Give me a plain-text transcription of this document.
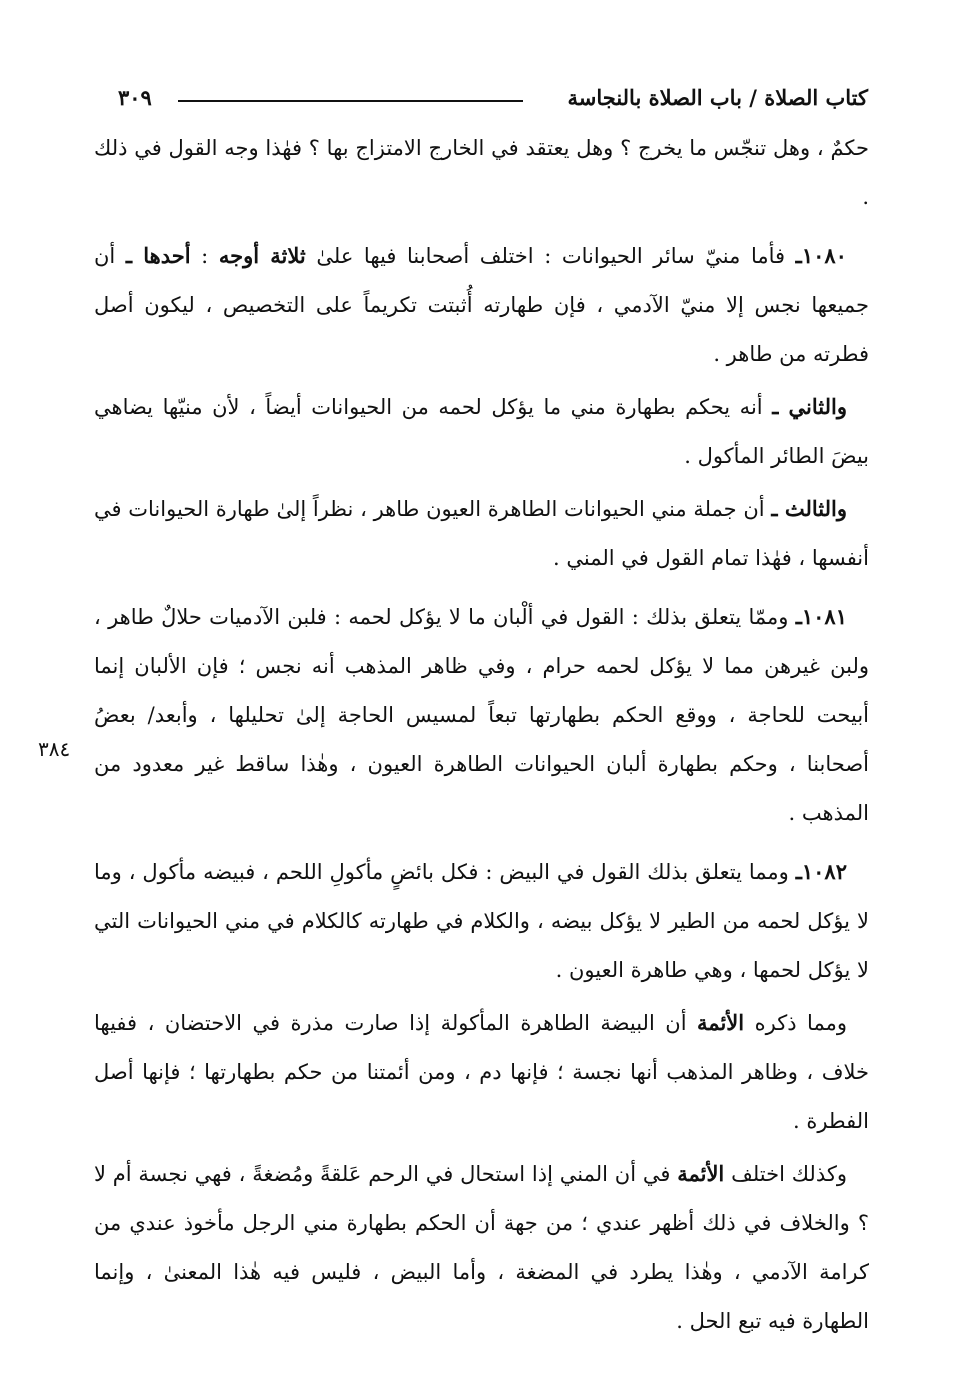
كتاب الصلاة / باب الصلاة بالنجاسة
٣٠٩

حكمٌ ، وهل تنجّس ما يخرج ؟ وهل يعتقد في الخارج الامتزاج بها ؟ فهٰذا وجه القول في ذلك .

١٠٨٠ـ فأما منيّ سائر الحيوانات : اختلف أصحابنا فيها علىٰ ثلاثة أوجه : أحدها ـ أن جميعها نجس إلا منيّ الآدمي ، فإن طهارته أُثبتت تكريماً على التخصيص ، ليكون أصل فطرته من طاهر .

والثاني ـ أنه يحكم بطهارة مني ما يؤكل لحمه من الحيوانات أيضاً ، لأن منيّها يضاهي بيضَ الطائر المأكول .

والثالث ـ أن جملة مني الحيوانات الطاهرة العيون طاهر ، نظراً إلىٰ طهارة الحيوانات في أنفسها ، فهٰذا تمام القول في المني .

١٠٨١ـ وممّا يتعلق بذلك : القول في ألْبان ما لا يؤكل لحمه : فلبن الآدميات حلالٌ طاهر ، ولبن غيرهن مما لا يؤكل لحمه حرام ، وفي ظاهر المذهب أنه نجس ؛ فإن الألبان إنما أبيحت للحاجة ، ووقع الحكم بطهارتها تبعاً لمسيس الحاجة إلىٰ تحليلها ، وأبعد/ بعضُ أصحابنا ، وحكم بطهارة ألبان الحيوانات الطاهرة العيون ، وهٰذا ساقط غير معدود من المذهب .

١٠٨٢ـ ومما يتعلق بذلك القول في البيض : فكل بائضٍ مأكولِ اللحم ، فبيضه مأكول ، وما لا يؤكل لحمه من الطير لا يؤكل بيضه ، والكلام في طهارته كالكلام في مني الحيوانات التي لا يؤكل لحمها ، وهي طاهرة العيون .

ومما ذكره الأئمة أن البيضة الطاهرة المأكولة إذا صارت مذرة في الاحتضان ، ففيها خلاف ، وظاهر المذهب أنها نجسة ؛ فإنها دم ، ومن أئمتنا من حكم بطهارتها ؛ فإنها أصل الفطرة .

وكذلك اختلف الأئمة في أن المني إذا استحال في الرحم عَلقةً ومُضغةً ، فهي نجسة أم لا ؟ والخلاف في ذلك أظهر عندي ؛ من جهة أن الحكم بطهارة مني الرجل مأخوذ عندي من كرامة الآدمي ، وهٰذا يطرد في المضغة ، وأما البيض ، فليس فيه هٰذا المعنىٰ ، وإنما الطهارة فيه تبع الحل .

٣٨٤
